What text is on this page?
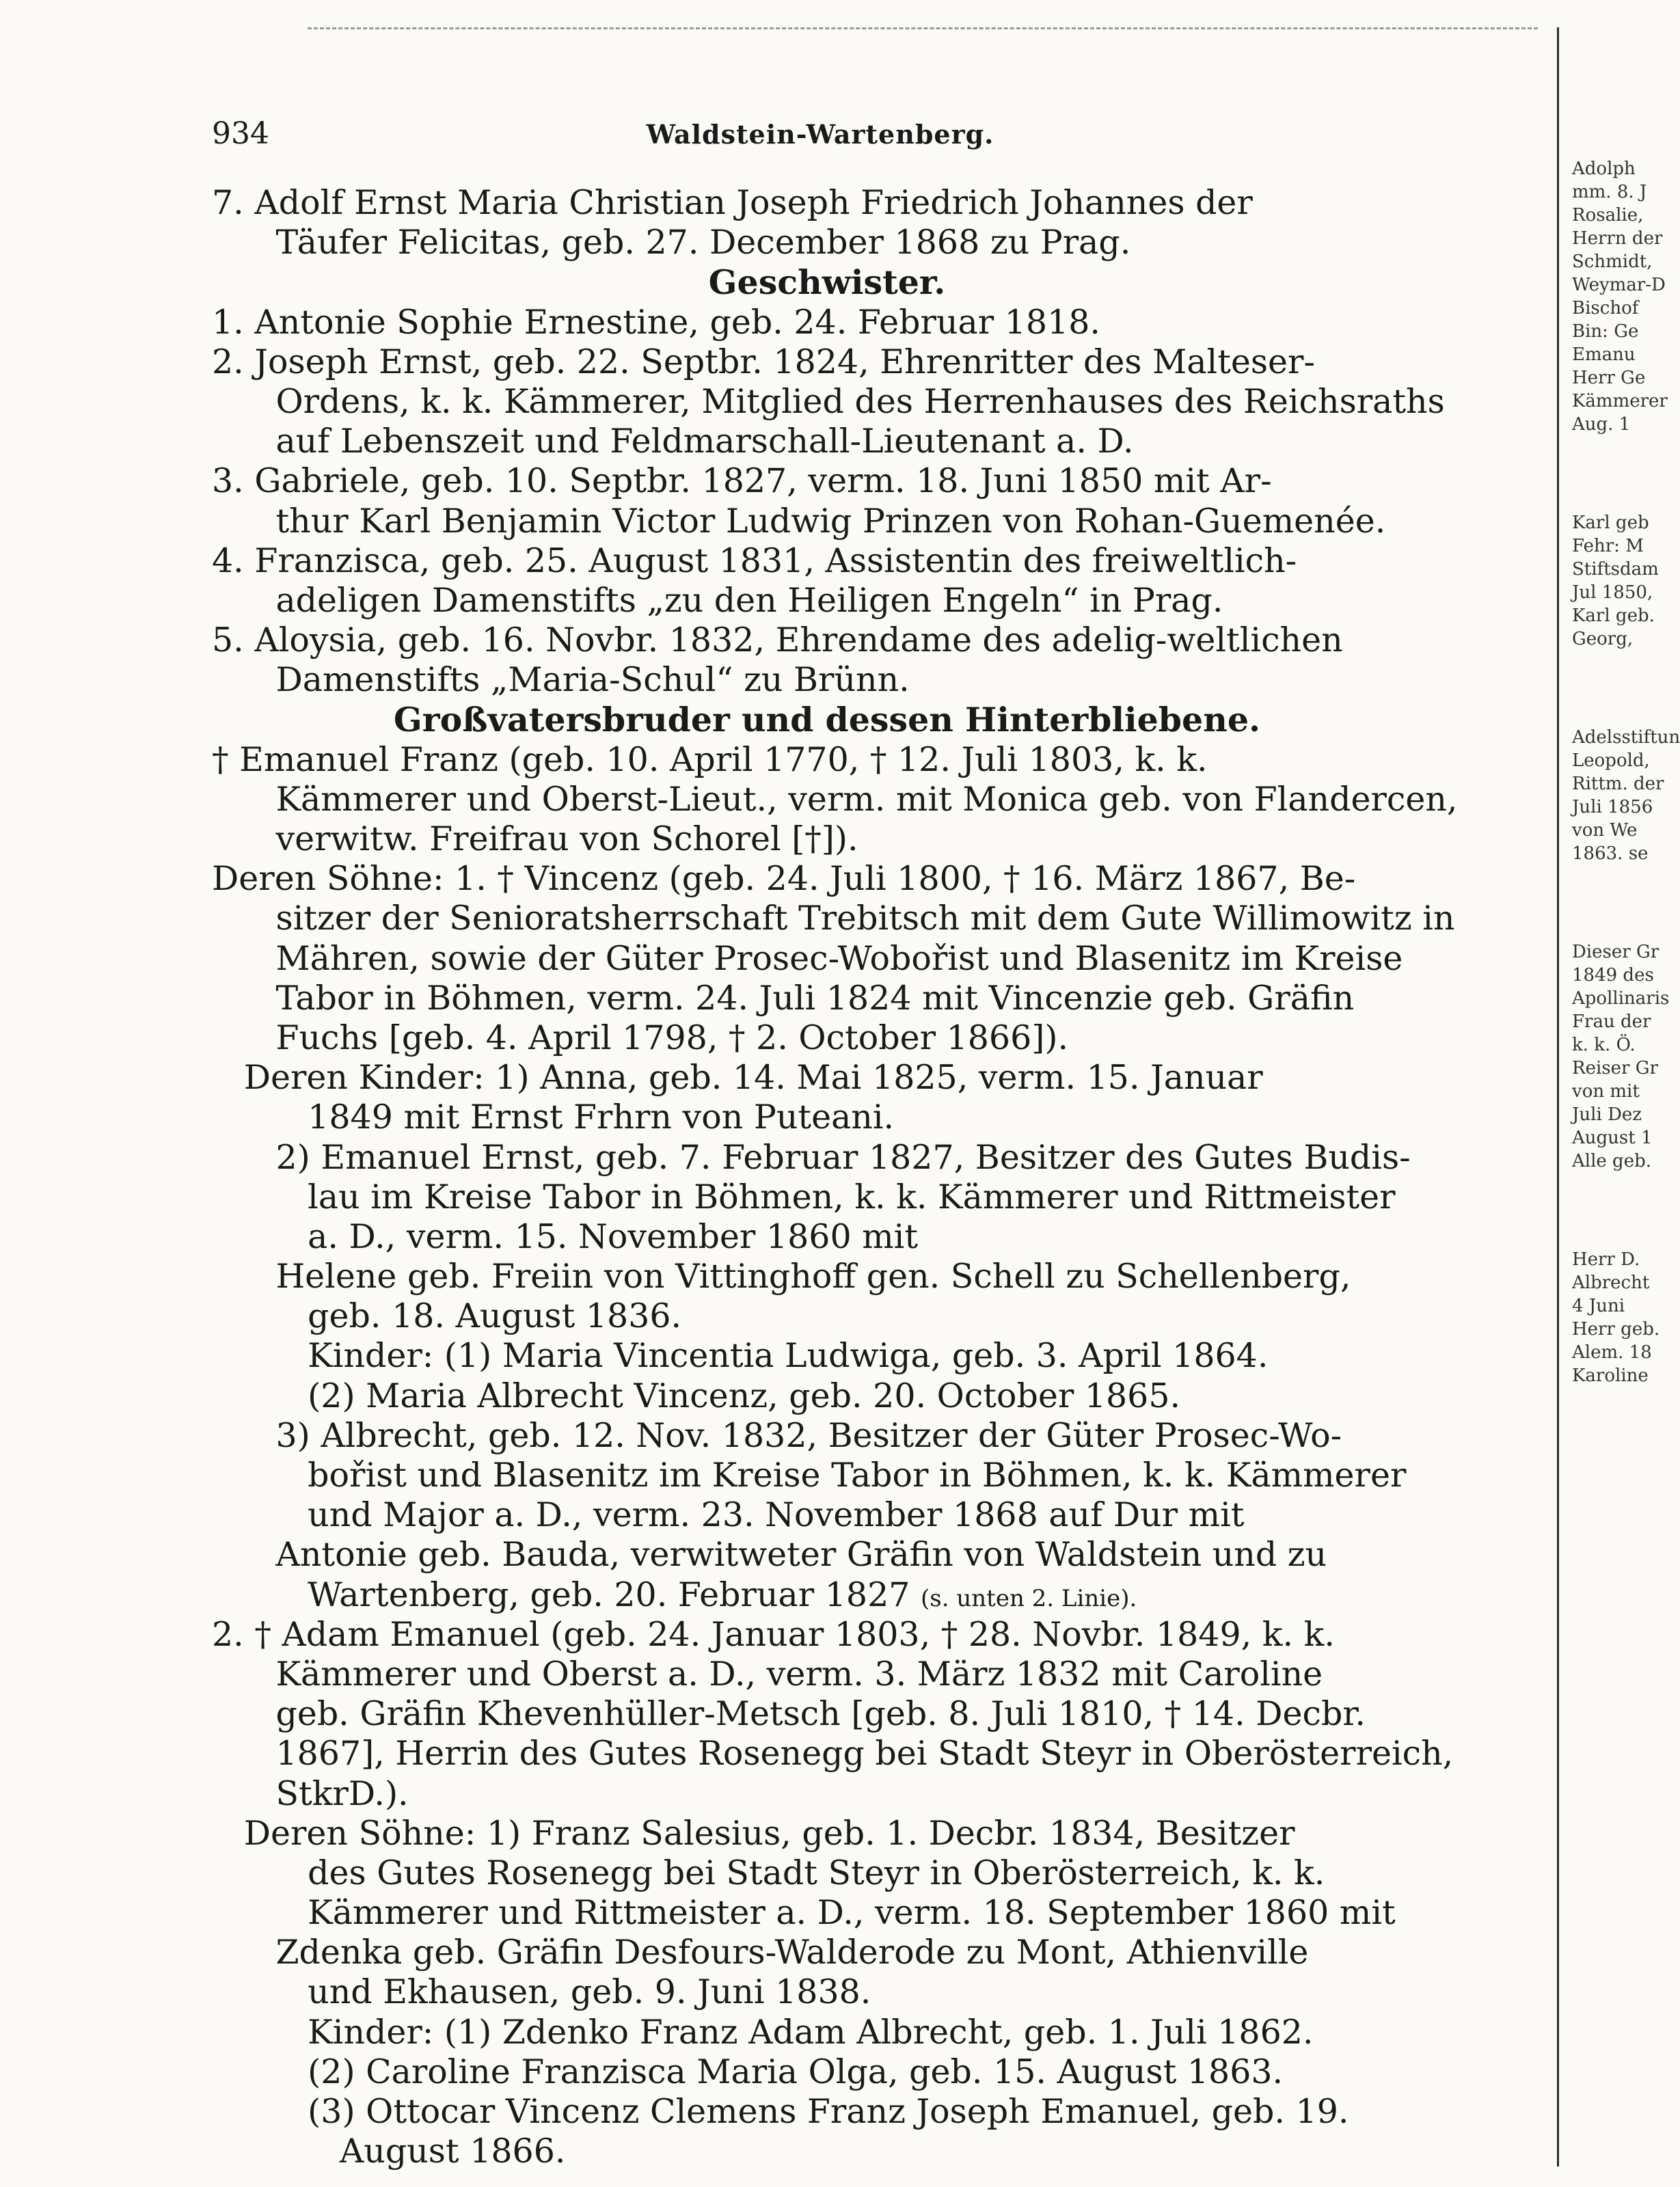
934	Waldstein-Wartenberg.
7. Adolf Ernst Maria Christian Joseph Friedrich Johannes der
Täufer Felicitas, geb. 27. December 1868 zu Prag.
Geschwister.
1. Antonie Sophie Ernestine, geb. 24. Februar 1818.
2. Joseph Ernst, geb. 22. Septbr. 1824, Ehrenritter des Malteser-
Ordens, k. k. Kämmerer, Mitglied des Herrenhauses des Reichsraths
auf Lebenszeit und Feldmarschall-Lieutenant a. D.
3. Gabriele, geb. 10. Septbr. 1827, verm. 18. Juni 1850 mit Ar-
thur Karl Benjamin Victor Ludwig Prinzen von Rohan-Guemenée.
4. Franzisca, geb. 25. August 1831, Assistentin des freiweltlich-
adeligen Damenstifts „zu den Heiligen Engeln“ in Prag.
5. Aloysia, geb. 16. Novbr. 1832, Ehrendame des adelig-weltlichen
Damenstifts „Maria-Schul“ zu Brünn.
Großvatersbruder und dessen Hinterbliebene.
† Emanuel Franz (geb. 10. April 1770, † 12. Juli 1803, k. k.
Kämmerer und Oberst-Lieut., verm. mit Monica geb. von Flandercen,
verwitw. Freifrau von Schorel [†]).
Deren Söhne: 1. † Vincenz (geb. 24. Juli 1800, † 16. März 1867, Be-
sitzer der Senioratsherrschaft Trebitsch mit dem Gute Willimowitz in
Mähren, sowie der Güter Prosec-Wobořist und Blasenitz im Kreise
Tabor in Böhmen, verm. 24. Juli 1824 mit Vincenzie geb. Gräfin
Fuchs [geb. 4. April 1798, † 2. October 1866]).
Deren Kinder: 1) Anna, geb. 14. Mai 1825, verm. 15. Januar
1849 mit Ernst Frhrn von Puteani.
2) Emanuel Ernst, geb. 7. Februar 1827, Besitzer des Gutes Budis-
lau im Kreise Tabor in Böhmen, k. k. Kämmerer und Rittmeister
a. D., verm. 15. November 1860 mit
Helene geb. Freiin von Vittinghoff gen. Schell zu Schellenberg,
geb. 18. August 1836.
Kinder: (1) Maria Vincentia Ludwiga, geb. 3. April 1864.
(2) Maria Albrecht Vincenz, geb. 20. October 1865.
3) Albrecht, geb. 12. Nov. 1832, Besitzer der Güter Prosec-Wo-
bořist und Blasenitz im Kreise Tabor in Böhmen, k. k. Kämmerer
und Major a. D., verm. 23. November 1868 auf Dur mit
Antonie geb. Bauda, verwitweter Gräfin von Waldstein und zu
Wartenberg, geb. 20. Februar 1827 (s. unten 2. Linie).
2. † Adam Emanuel (geb. 24. Januar 1803, † 28. Novbr. 1849, k. k.
Kämmerer und Oberst a. D., verm. 3. März 1832 mit Caroline
geb. Gräfin Khevenhüller-Metsch [geb. 8. Juli 1810, † 14. Decbr.
1867], Herrin des Gutes Rosenegg bei Stadt Steyr in Oberösterreich,
StkrD.).
Deren Söhne: 1) Franz Salesius, geb. 1. Decbr. 1834, Besitzer
des Gutes Rosenegg bei Stadt Steyr in Oberösterreich, k. k.
Kämmerer und Rittmeister a. D., verm. 18. September 1860 mit
Zdenka geb. Gräfin Desfours-Walderode zu Mont, Athienville
und Ekhausen, geb. 9. Juni 1838.
Kinder: (1) Zdenko Franz Adam Albrecht, geb. 1. Juli 1862.
(2) Caroline Franzisca Maria Olga, geb. 15. August 1863.
(3) Ottocar Vincenz Clemens Franz Joseph Emanuel, geb. 19.
August 1866.
Adolph
mm. 8. J
Rosalie,
Herrn der
Schmidt,
Weymar-D
Bischof
Bin: Ge
Emanu
Herr Ge
Kämmerer
Aug. 1
Karl geb
Fehr: M
Stiftsdam
Jul 1850,
Karl geb.
Georg,
Adelsstiftun
Leopold,
Rittm. der
Juli 1856
von We
1863. se
Dieser Gr
1849 des
Apollinaris
Frau der
k. k. Ö.
Reiser Gr
von mit
Juli Dez
August 1
Alle geb.
Herr D.
Albrecht
4 Juni
Herr geb.
Alem. 18
Karoline
